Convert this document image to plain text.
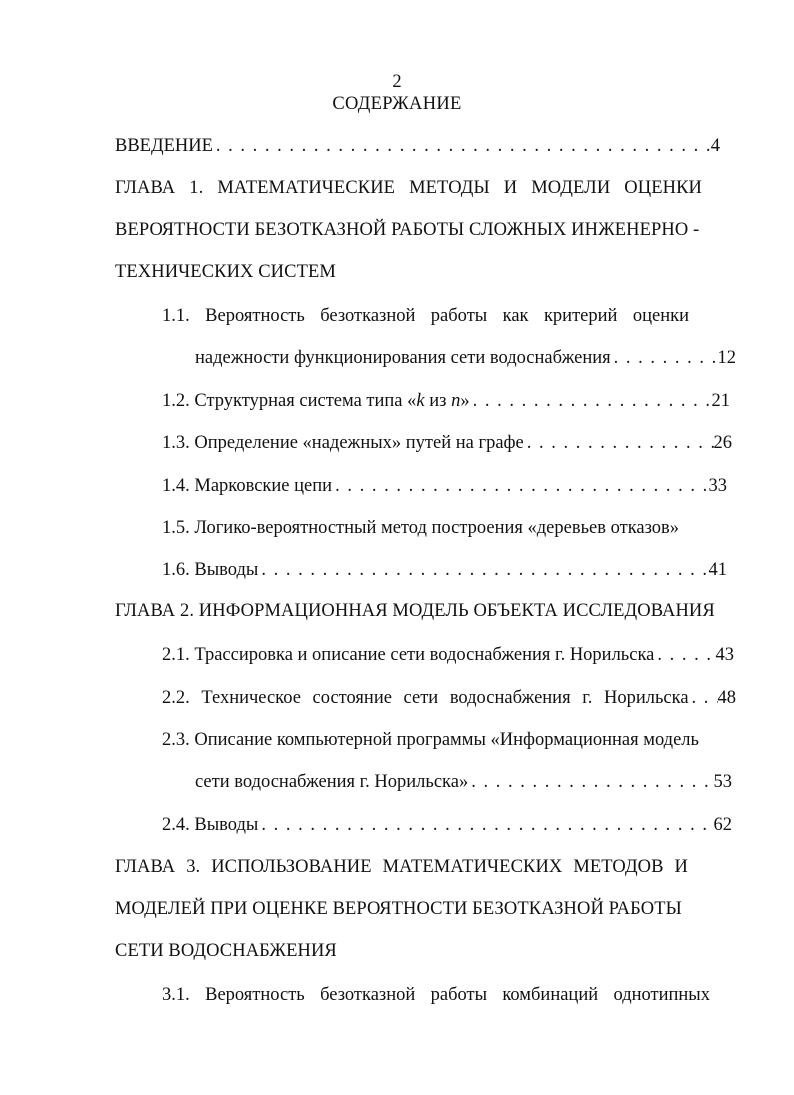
2
СОДЕРЖАНИЕ
ВВЕДЕНИЕ . . .	4
ГЛАВА 1. МАТЕМАТИЧЕСКИЕ МЕТОДЫ И МОДЕЛИ ОЦЕНКИ
ВЕРОЯТНОСТИ БЕЗОТКАЗНОЙ РАБОТЫ СЛОЖНЫХ ИНЖЕНЕРНО -
ТЕХНИЧЕСКИХ СИСТЕМ
1.1. Вероятность безотказной работы как критерий оценки
надежности функционирования сети водоснабжения . . .	12
1.2. Структурная система типа «k из n» . . .	21
1.3. Определение «надежных» путей на графе . . .	26
1.4. Марковские цепи . . .	33
1.5. Логико-вероятностный метод построения «деревьев отказов»
1.6. Выводы . . .	41
ГЛАВА 2. ИНФОРМАЦИОННАЯ МОДЕЛЬ ОБЪЕКТА ИССЛЕДОВАНИЯ
2.1. Трассировка и описание сети водоснабжения г. Норильска . . .	43
2.2. Техническое состояние сети водоснабжения г. Норильска . . . 48
2.3. Описание компьютерной программы «Информационная модель
сети водоснабжения г. Норильска» . . .	53
2.4. Выводы . . .	62
ГЛАВА 3. ИСПОЛЬЗОВАНИЕ МАТЕМАТИЧЕСКИХ МЕТОДОВ И
МОДЕЛЕЙ ПРИ ОЦЕНКЕ ВЕРОЯТНОСТИ БЕЗОТКАЗНОЙ РАБОТЫ
СЕТИ ВОДОСНАБЖЕНИЯ
3.1. Вероятность безотказной работы комбинаций однотипных
